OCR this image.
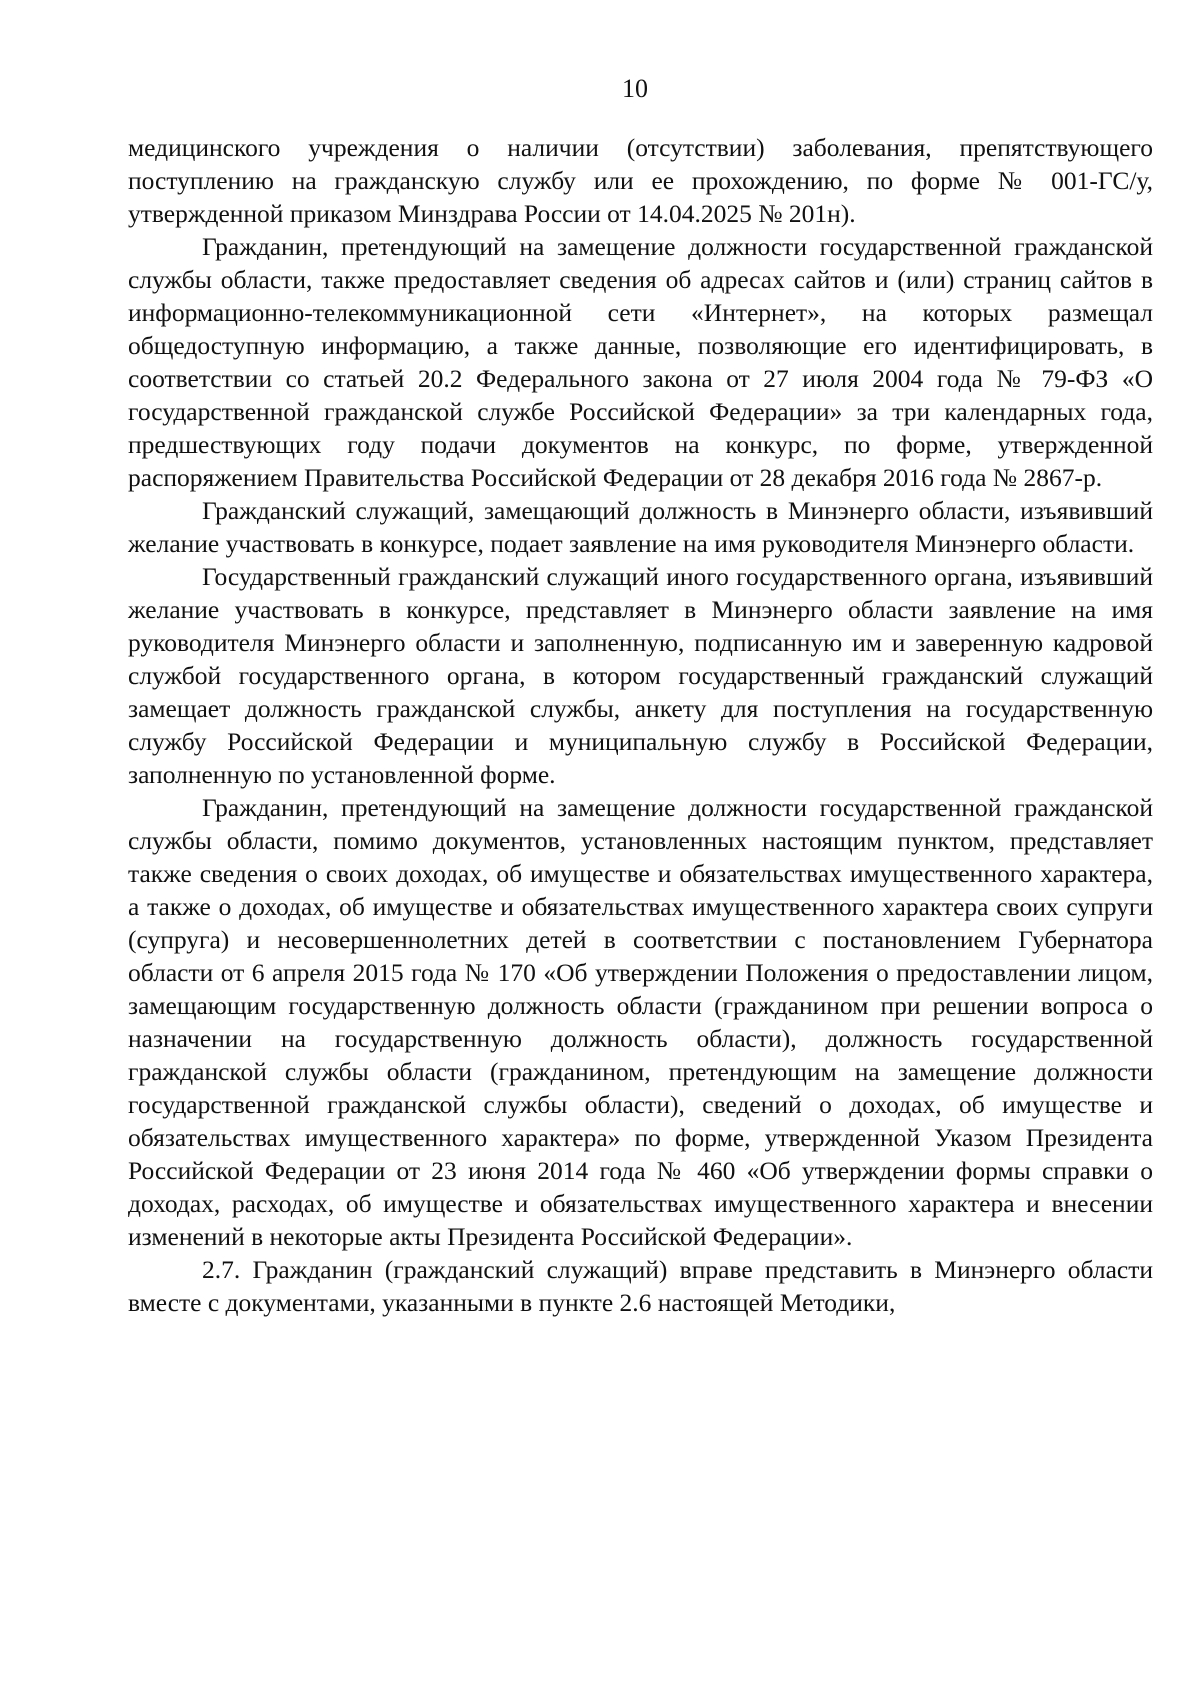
10

медицинского учреждения о наличии (отсутствии) заболевания, препятствующего поступлению на гражданскую службу или ее прохождению, по форме № 001-ГС/у, утвержденной приказом Минздрава России от 14.04.2025 № 201н).

Гражданин, претендующий на замещение должности государственной гражданской службы области, также предоставляет сведения об адресах сайтов и (или) страниц сайтов в информационно-телекоммуникационной сети «Интернет», на которых размещал общедоступную информацию, а также данные, позволяющие его идентифицировать, в соответствии со статьей 20.2 Федерального закона от 27 июля 2004 года № 79-ФЗ «О государственной гражданской службе Российской Федерации» за три календарных года, предшествующих году подачи документов на конкурс, по форме, утвержденной распоряжением Правительства Российской Федерации от 28 декабря 2016 года № 2867-р.

Гражданский служащий, замещающий должность в Минэнерго области, изъявивший желание участвовать в конкурсе, подает заявление на имя руководителя Минэнерго области.

Государственный гражданский служащий иного государственного органа, изъявивший желание участвовать в конкурсе, представляет в Минэнерго области заявление на имя руководителя Минэнерго области и заполненную, подписанную им и заверенную кадровой службой государственного органа, в котором государственный гражданский служащий замещает должность гражданской службы, анкету для поступления на государственную службу Российской Федерации и муниципальную службу в Российской Федерации, заполненную по установленной форме.

Гражданин, претендующий на замещение должности государственной гражданской службы области, помимо документов, установленных настоящим пунктом, представляет также сведения о своих доходах, об имуществе и обязательствах имущественного характера, а также о доходах, об имуществе и обязательствах имущественного характера своих супруги (супруга) и несовершеннолетних детей в соответствии с постановлением Губернатора области от 6 апреля 2015 года № 170 «Об утверждении Положения о предоставлении лицом, замещающим государственную должность области (гражданином при решении вопроса о назначении на государственную должность области), должность государственной гражданской службы области (гражданином, претендующим на замещение должности государственной гражданской службы области), сведений о доходах, об имуществе и обязательствах имущественного характера» по форме, утвержденной Указом Президента Российской Федерации от 23 июня 2014 года № 460 «Об утверждении формы справки о доходах, расходах, об имуществе и обязательствах имущественного характера и внесении изменений в некоторые акты Президента Российской Федерации».

2.7. Гражданин (гражданский служащий) вправе представить в Минэнерго области вместе с документами, указанными в пункте 2.6 настоящей Методики,
